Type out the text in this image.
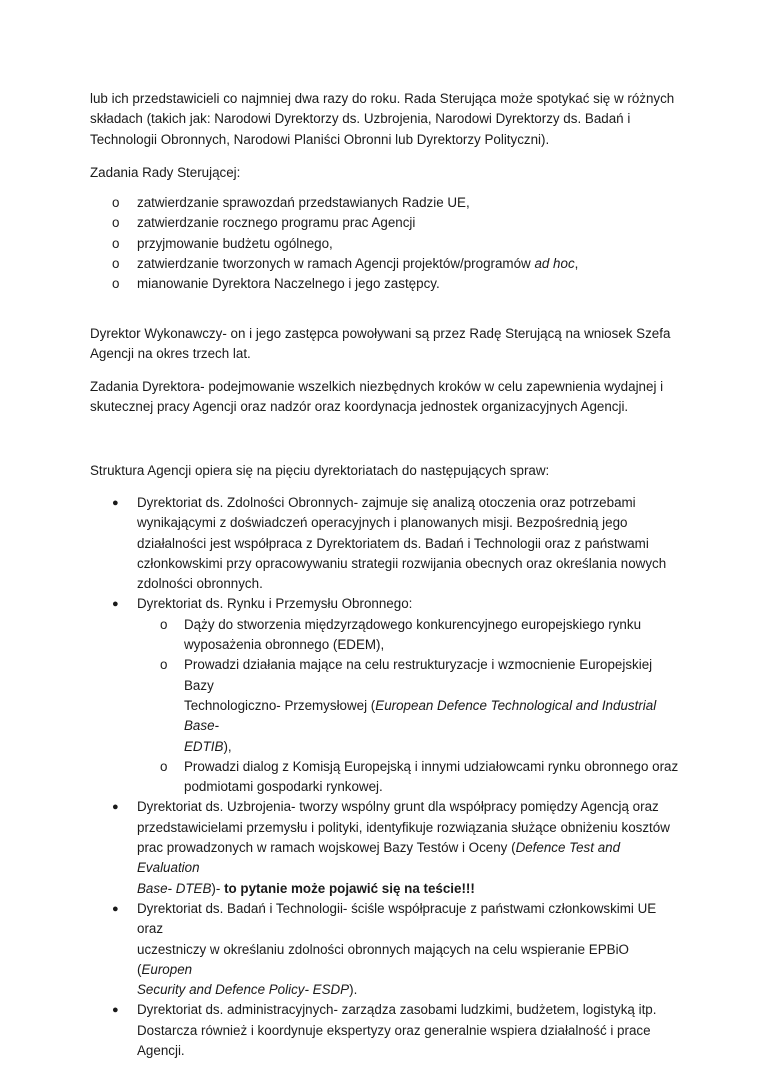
lub ich przedstawicieli co najmniej dwa razy do roku. Rada Sterująca może spotykać się w różnych

składach (takich jak: Narodowi Dyrektorzy ds. Uzbrojenia, Narodowi Dyrektorzy ds. Badań i

Technologii Obronnych, Narodowi Planiści Obronni lub Dyrektorzy Polityczni).

Zadania Rady Sterującej:

o zatwierdzanie sprawozdań przedstawianych Radzie UE,
o zatwierdzanie rocznego programu prac Agencji
o przyjmowanie budżetu ogólnego,
o zatwierdzanie tworzonych w ramach Agencji projektów/programów ad hoc,
o mianowanie Dyrektora Naczelnego i jego zastępcy.

Dyrektor Wykonawczy- on i jego zastępca powoływani są przez Radę Sterującą na wniosek Szefa

Agencji na okres trzech lat.

Zadania Dyrektora- podejmowanie wszelkich niezbędnych kroków w celu zapewnienia wydajnej i

skutecznej pracy Agencji oraz nadzór oraz koordynacja jednostek organizacyjnych Agencji.

Struktura Agencji opiera się na pięciu dyrektoriatach do następujących spraw:

● Dyrektoriat ds. Zdolności Obronnych- zajmuje się analizą otoczenia oraz potrzebami
wynikającymi z doświadczeń operacyjnych i planowanych misji. Bezpośrednią jego
działalności jest współpraca z Dyrektoriatem ds. Badań i Technologii oraz z państwami
członkowskimi przy opracowywaniu strategii rozwijania obecnych oraz określania nowych
zdolności obronnych.
● Dyrektoriat ds. Rynku i Przemysłu Obronnego:
o Dąży do stworzenia międzyrządowego konkurencyjnego europejskiego rynku
wyposażenia obronnego (EDEM),
o Prowadzi działania mające na celu restrukturyzacje i wzmocnienie Europejskiej Bazy
Technologiczno- Przemysłowej (European Defence Technological and Industrial Base-
EDTIB),
o Prowadzi dialog z Komisją Europejską i innymi udziałowcami rynku obronnego oraz
podmiotami gospodarki rynkowej.
● Dyrektoriat ds. Uzbrojenia- tworzy wspólny grunt dla współpracy pomiędzy Agencją oraz
przedstawicielami przemysłu i polityki, identyfikuje rozwiązania służące obniżeniu kosztów
prac prowadzonych w ramach wojskowej Bazy Testów i Oceny (Defence Test and Evaluation
Base- DTEB)- to pytanie może pojawić się na teście!!!
● Dyrektoriat ds. Badań i Technologii- ściśle współpracuje z państwami członkowskimi UE oraz
uczestniczy w określaniu zdolności obronnych mających na celu wspieranie EPBiO (Europen
Security and Defence Policy- ESDP).
● Dyrektoriat ds. administracyjnych- zarządza zasobami ludzkimi, budżetem, logistyką itp.
Dostarcza również i koordynuje ekspertyzy oraz generalnie wspiera działalność i prace
Agencji.
